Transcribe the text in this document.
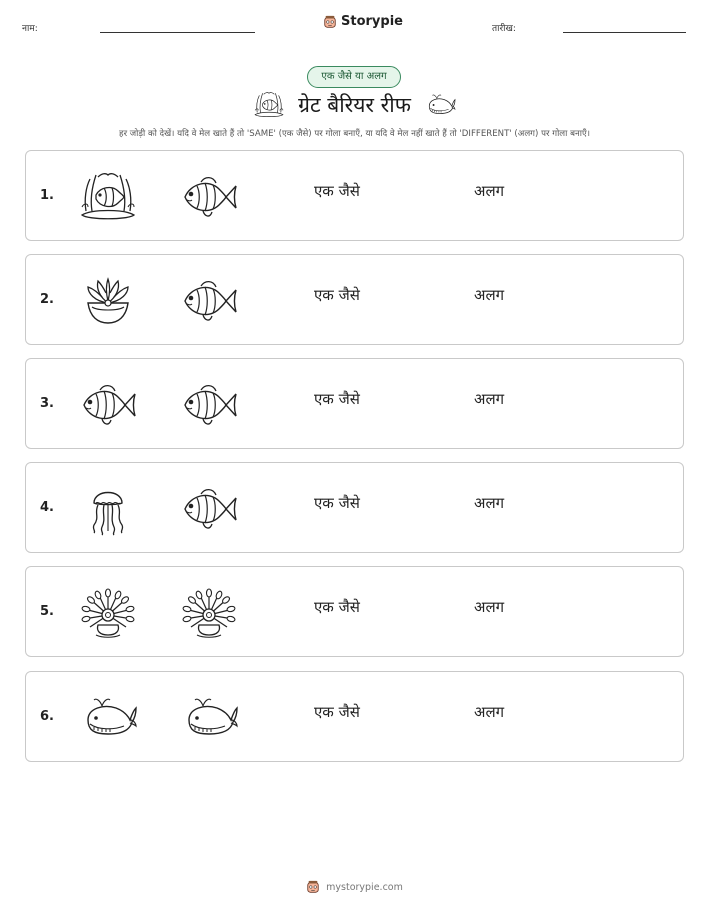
नाम:	Storypie	तारीख:
एक जैसे या अलग
ग्रेट बैरियर रीफ
हर जोड़ी को देखें। यदि वे मेल खाते हैं तो 'SAME' (एक जैसे) पर गोला बनाएँ, या यदि वे मेल नहीं खाते हैं तो 'DIFFERENT' (अलग) पर गोला बनाएँ।
1.	एक जैसे	अलग
2.	एक जैसे	अलग
3.	एक जैसे	अलग
4.	एक जैसे	अलग
5.	एक जैसे	अलग
6.	एक जैसे	अलग
mystorypie.com
